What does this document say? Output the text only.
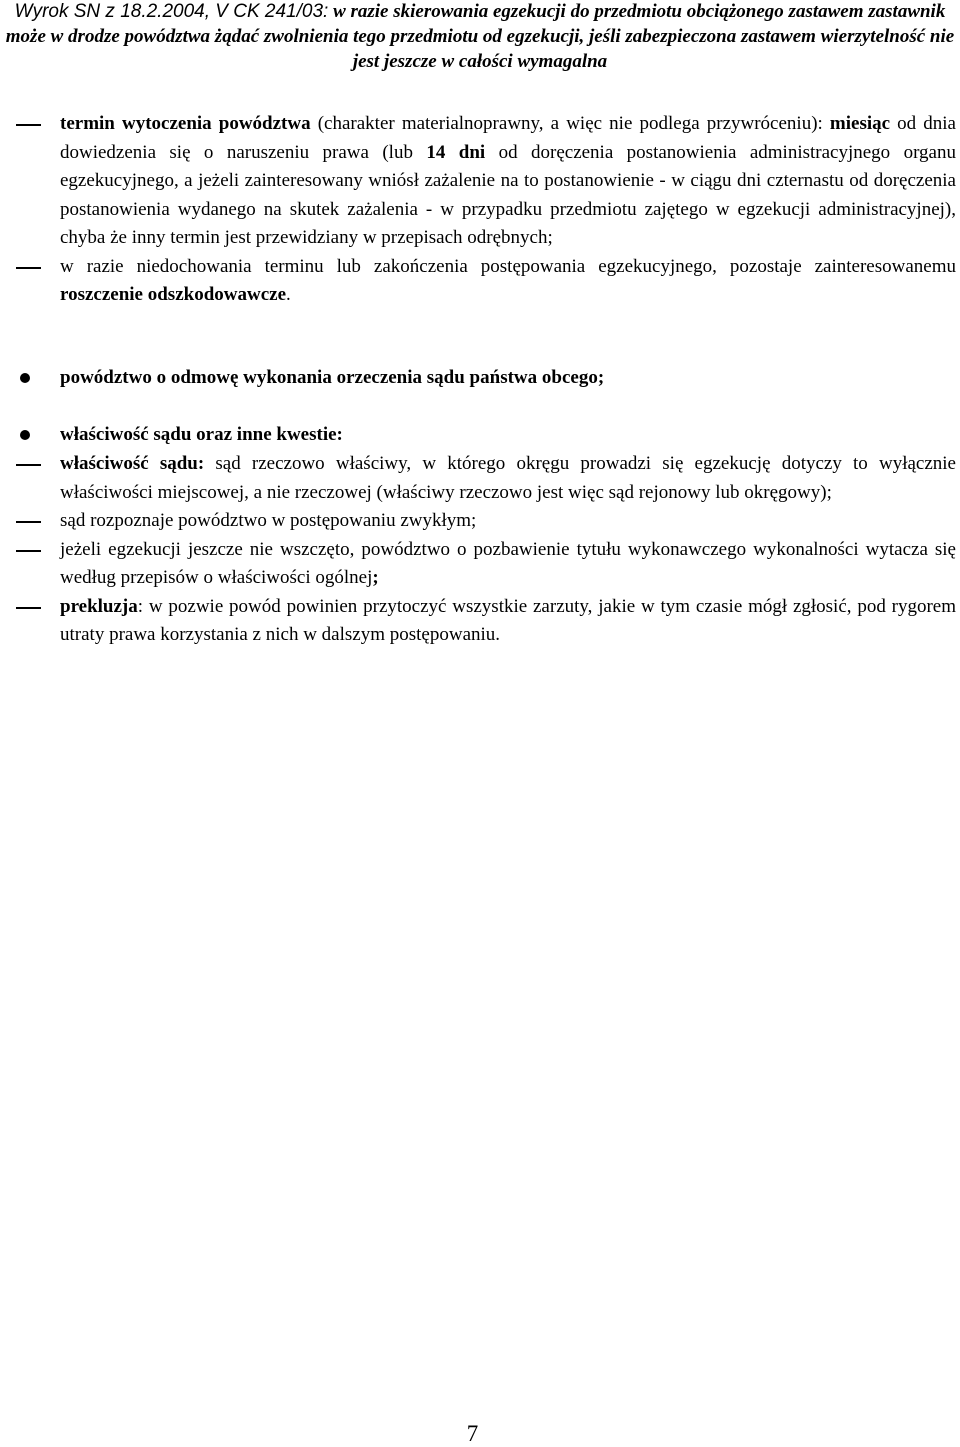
Wyrok SN z 18.2.2004, V CK 241/03: w razie skierowania egzekucji do przedmiotu obciążonego zastawem zastawnik może w drodze powództwa żądać zwolnienia tego przedmiotu od egzekucji, jeśli zabezpieczona zastawem wierzytelność nie jest jeszcze w całości wymagalna

termin wytoczenia powództwa (charakter materialnoprawny, a więc nie podlega przywróceniu): miesiąc od dnia dowiedzenia się o naruszeniu prawa (lub 14 dni od doręczenia postanowienia administracyjnego organu egzekucyjnego, a jeżeli zainteresowany wniósł zażalenie na to postanowienie - w ciągu dni czternastu od doręczenia postanowienia wydanego na skutek zażalenia - w przypadku przedmiotu zajętego w egzekucji administracyjnej), chyba że inny termin jest przewidziany w przepisach odrębnych;

w razie niedochowania terminu lub zakończenia postępowania egzekucyjnego, pozostaje zainteresowanemu roszczenie odszkodowawcze.

powództwo o odmowę wykonania orzeczenia sądu państwa obcego;

właściwość sądu oraz inne kwestie:

właściwość sądu: sąd rzeczowo właściwy, w którego okręgu prowadzi się egzekucję dotyczy to wyłącznie właściwości miejscowej, a nie rzeczowej (właściwy rzeczowo jest więc sąd rejonowy lub okręgowy);

sąd rozpoznaje powództwo w postępowaniu zwykłym;

jeżeli egzekucji jeszcze nie wszczęto, powództwo o pozbawienie tytułu wykonawczego wykonalności wytacza się według przepisów o właściwości ogólnej;

prekluzja: w pozwie powód powinien przytoczyć wszystkie zarzuty, jakie w tym czasie mógł zgłosić, pod rygorem utraty prawa korzystania z nich w dalszym postępowaniu.

7
